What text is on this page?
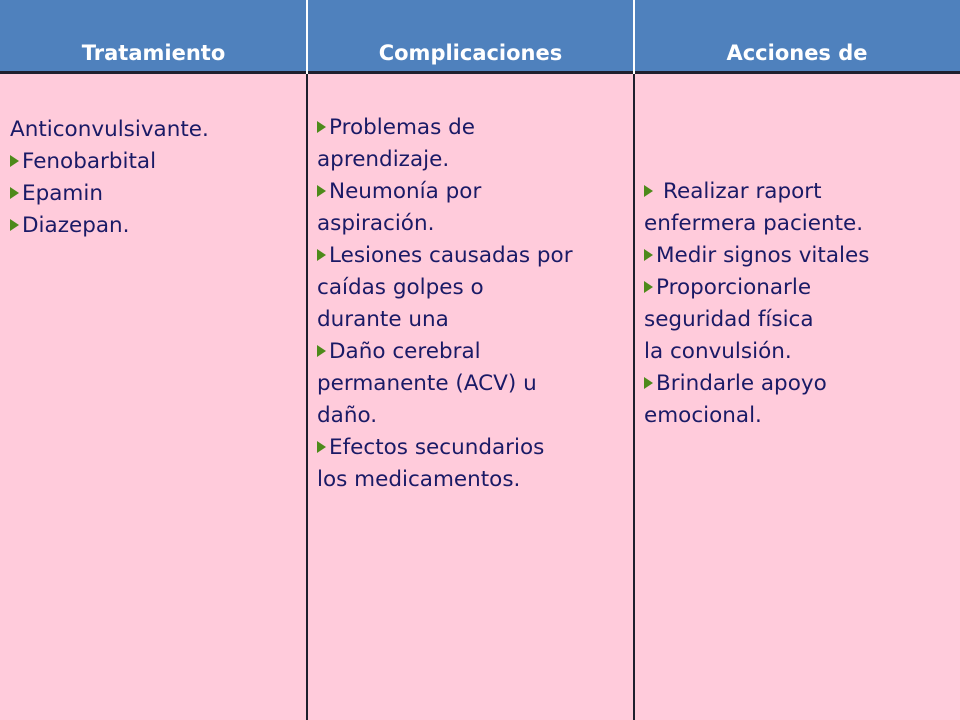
Tratamiento	Complicaciones	Acciones de
Anticonvulsivante.
Fenobarbital
Epamin
Diazepan.
Problemas de
aprendizaje.
Neumonía por
aspiración.
Lesiones causadas por
caídas golpes o
durante una
Daño cerebral
permanente (ACV) u
daño.
Efectos secundarios
los medicamentos.
Realizar raport
enfermera paciente.
Medir signos vitales
Proporcionarle
seguridad física
la convulsión.
Brindarle apoyo
emocional.
